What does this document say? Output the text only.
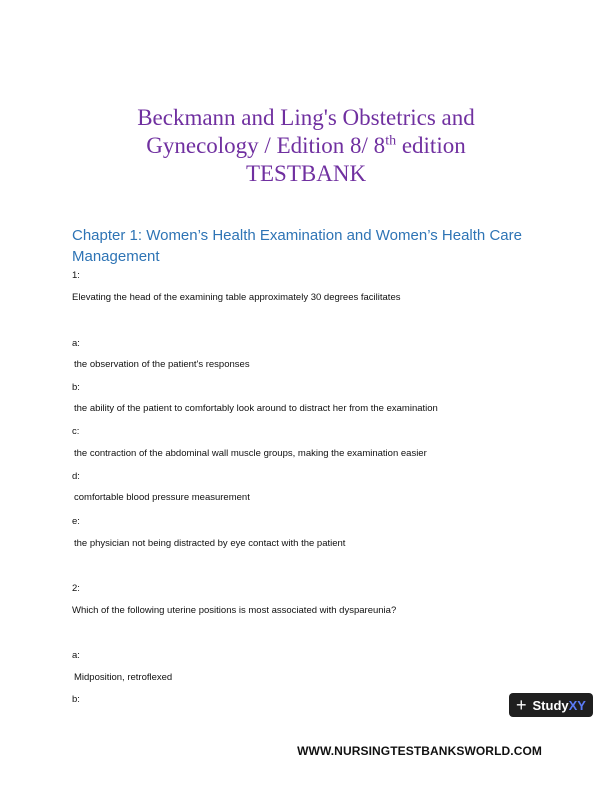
Beckmann and Ling's Obstetrics and
Gynecology / Edition 8/ 8th edition
TESTBANK
Chapter 1: Women’s Health Examination and Women’s Health Care Management
1:
Elevating the head of the examining table approximately 30 degrees facilitates
a:
the observation of the patient's responses
b:
the ability of the patient to comfortably look around to distract her from the examination
c:
the contraction of the abdominal wall muscle groups, making the examination easier
d:
comfortable blood pressure measurement
e:
the physician not being distracted by eye contact with the patient
2:
Which of the following uterine positions is most associated with dyspareunia?
a:
Midposition, retroflexed
b:	+ StudyXY
WWW.NURSINGTESTBANKSWORLD.COM
